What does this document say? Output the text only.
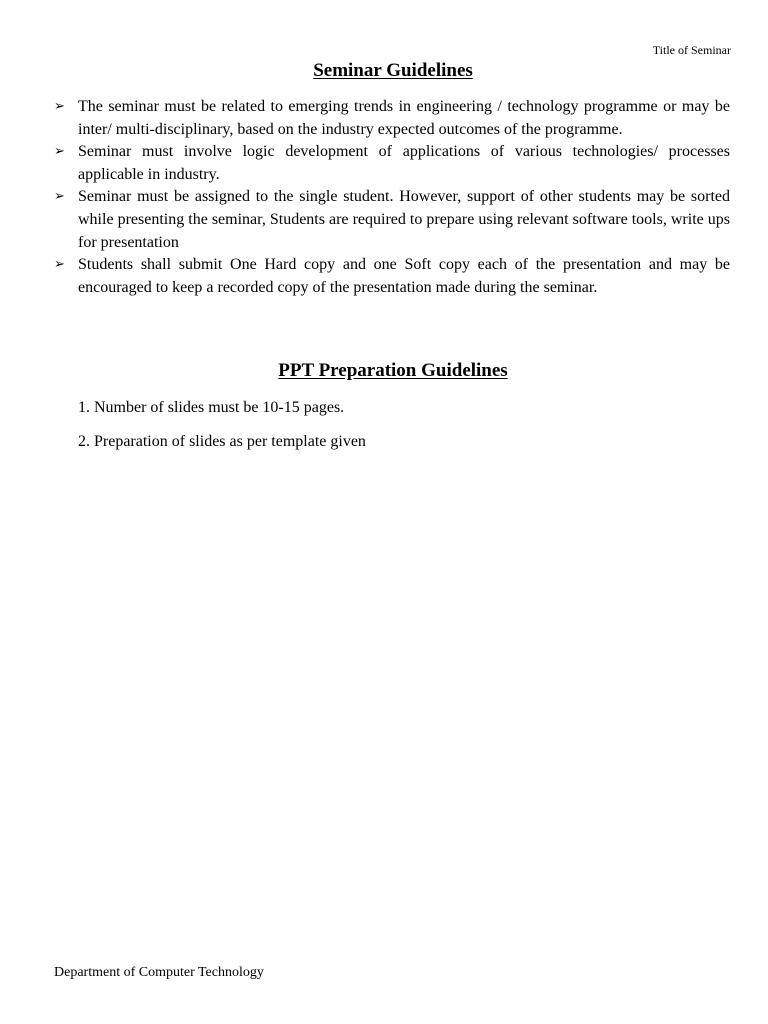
Title of Seminar
Seminar Guidelines
➢ The seminar must be related to emerging trends in engineering / technology programme or may be inter/ multi-disciplinary, based on the industry expected outcomes of the programme.
➢ Seminar must involve logic development of applications of various technologies/ processes applicable in industry.
➢ Seminar must be assigned to the single student. However, support of other students may be sorted while presenting the seminar, Students are required to prepare using relevant software tools, write ups for presentation
➢ Students shall submit One Hard copy and one Soft copy each of the presentation and may be encouraged to keep a recorded copy of the presentation made during the seminar.
PPT Preparation Guidelines
1. Number of slides must be 10-15 pages.
2. Preparation of slides as per template given
Department of Computer Technology
